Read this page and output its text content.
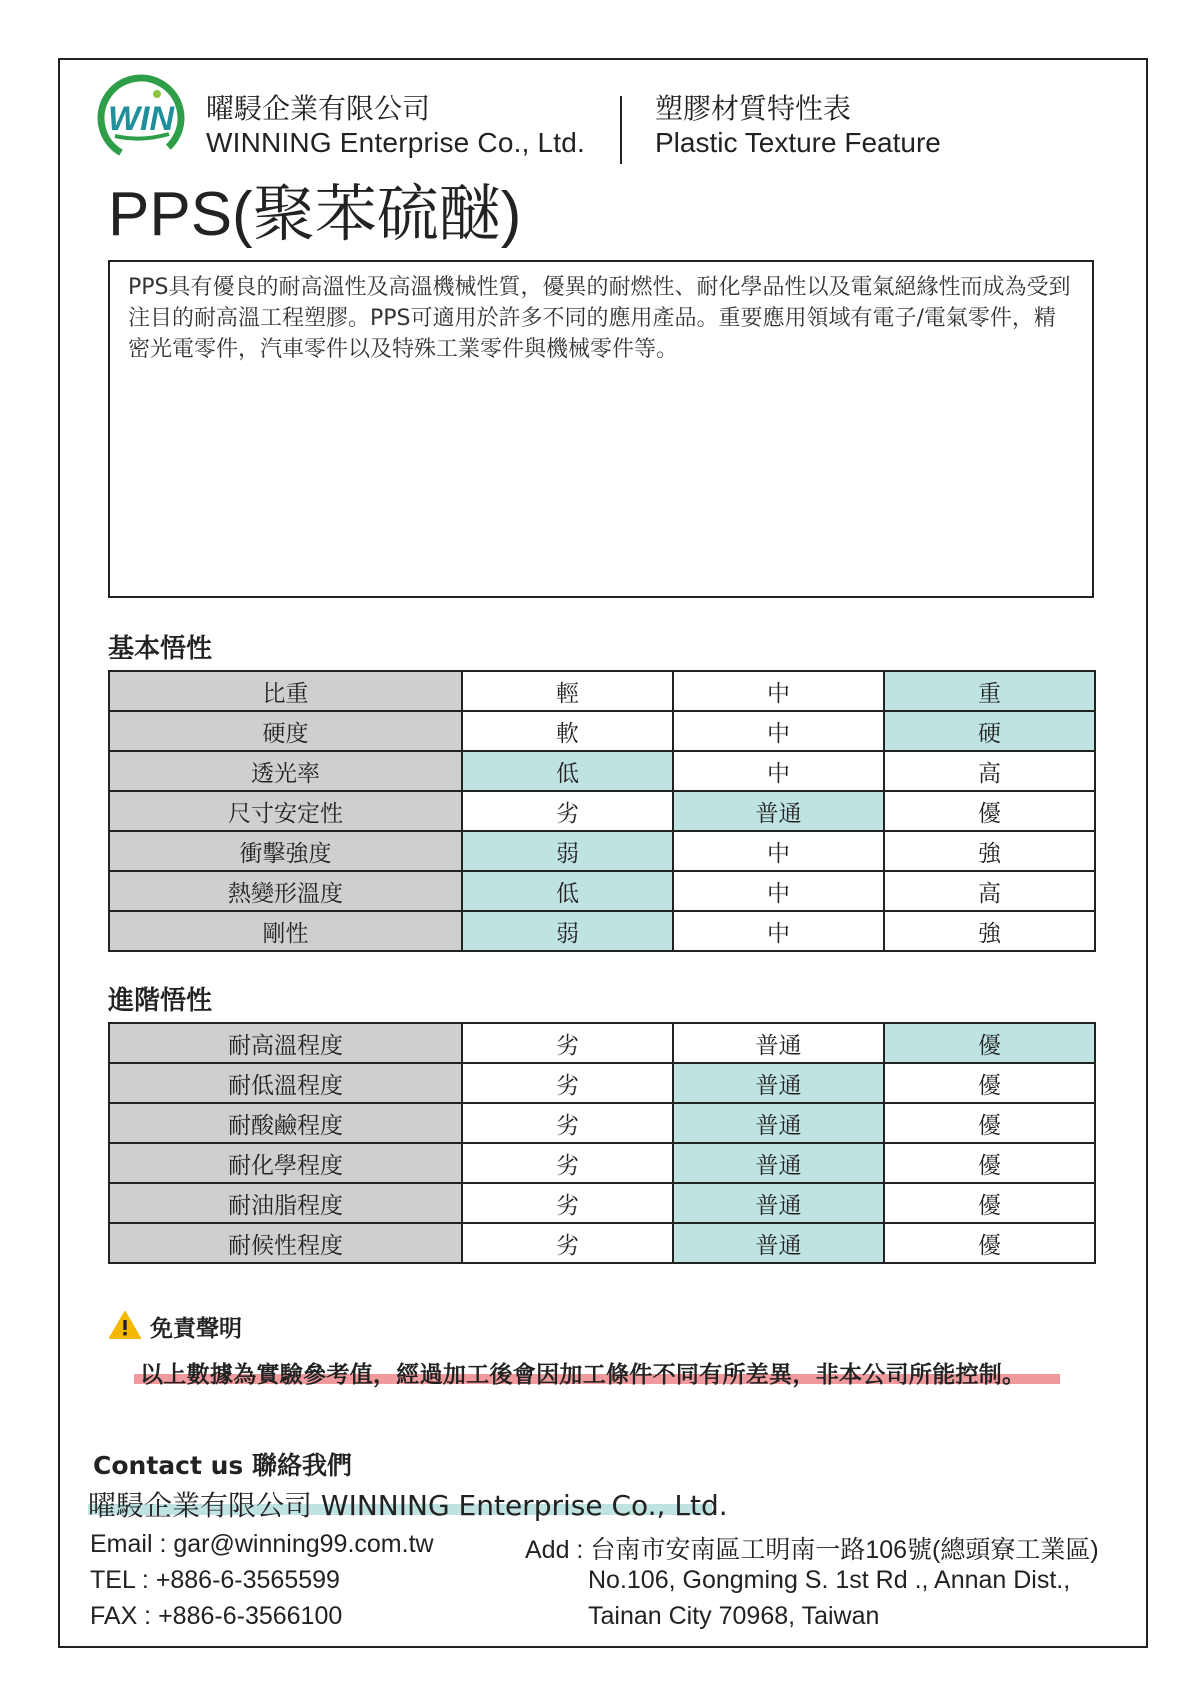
WIN 曜駸企業有限公司
WINNING Enterprise Co., Ltd.
塑膠材質特性表
Plastic Texture Feature
PPS(聚苯硫醚)

PPS具有優良的耐高溫性及高溫機械性質，優異的耐燃性、耐化學品性以及電氣絕緣性而成為受到注目的耐高溫工程塑膠。PPS可適用於許多不同的應用產品。重要應用領域有電子/電氣零件，精密光電零件，汽車零件以及特殊工業零件與機械零件等。

基本悟性
比重	輕	中	重
硬度	軟	中	硬
透光率	低	中	高
尺寸安定性	劣	普通	優
衝擊強度	弱	中	強
熱變形溫度	低	中	高
剛性	弱	中	強
進階悟性
耐高溫程度	劣	普通	優
耐低溫程度	劣	普通	優
耐酸鹼程度	劣	普通	優
耐化學程度	劣	普通	優
耐油脂程度	劣	普通	優
耐候性程度	劣	普通	優
免責聲明
以上數據為實驗參考值，經過加工後會因加工條件不同有所差異，非本公司所能控制。
Contact us 聯絡我們
曜駸企業有限公司 WINNING Enterprise Co., Ltd.
Email : gar@winning99.com.tw
TEL : +886-6-3565599
FAX : +886-6-3566100
Add : 台南市安南區工明南一路106號(總頭寮工業區)
No.106, Gongming S. 1st Rd ., Annan Dist.,
Tainan City 70968, Taiwan
